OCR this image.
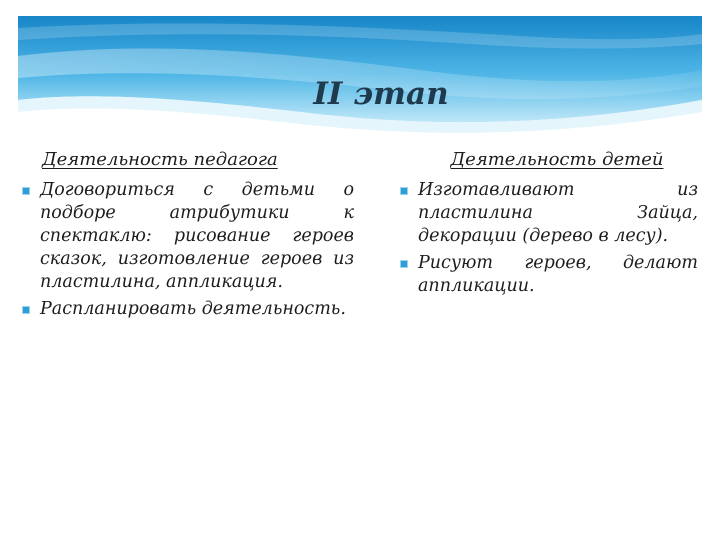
II этап
Деятельность педагога
Договориться с детьми о подборе атрибутики к спектаклю: рисование героев сказок, изготовление героев из пластилина, аппликация.
Распланировать деятельность.
Деятельность детей
Изготавливают из пластилина Зайца, декорации (дерево в лесу).
Рисуют героев, делают аппликации.
